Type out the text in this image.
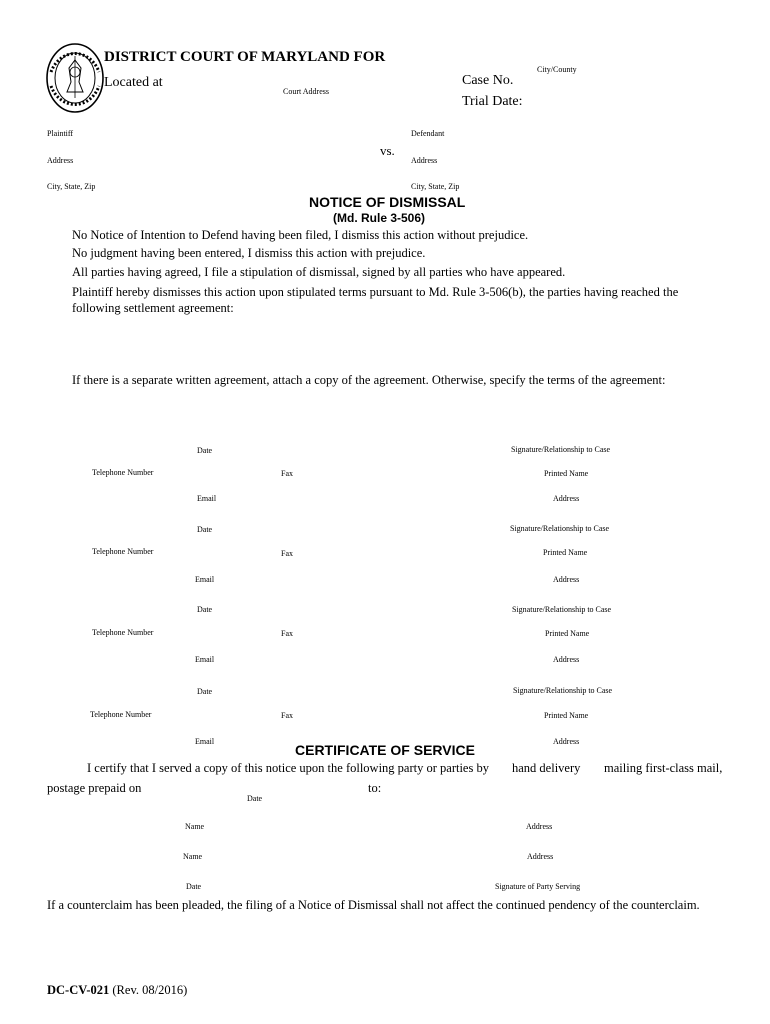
DISTRICT COURT OF MARYLAND FOR
City/County
Located at
Court Address
Case No.
Trial Date:
Plaintiff
Address
City, State, Zip
vs.
Defendant
Address
City, State, Zip
NOTICE OF DISMISSAL
(Md. Rule 3-506)
No Notice of Intention to Defend having been filed, I dismiss this action without prejudice.
No judgment having been entered, I dismiss this action with prejudice.
All parties having agreed, I file a stipulation of dismissal, signed by all parties who have appeared.
Plaintiff hereby dismisses this action upon stipulated terms pursuant to Md. Rule 3-506(b), the parties having reached the
following settlement agreement:
If there is a separate written agreement, attach a copy of the agreement. Otherwise, specify the terms of the agreement:
Date	Signature/Relationship to Case
Telephone Number	Fax	Printed Name
Email	Address
Date	Signature/Relationship to Case
Telephone Number	Fax	Printed Name
Email	Address
Date	Signature/Relationship to Case
Telephone Number	Fax	Printed Name
Email	Address
Date	Signature/Relationship to Case
Telephone Number	Fax	Printed Name
Email	Address
CERTIFICATE OF SERVICE
I certify that I served a copy of this notice upon the following party or parties by hand delivery mailing first-class mail,
postage prepaid on	to:
Date
Name	Address
Name	Address
Date	Signature of Party Serving
If a counterclaim has been pleaded, the filing of a Notice of Dismissal shall not affect the continued pendency of the counterclaim.
DC-CV-021 (Rev. 08/2016)
